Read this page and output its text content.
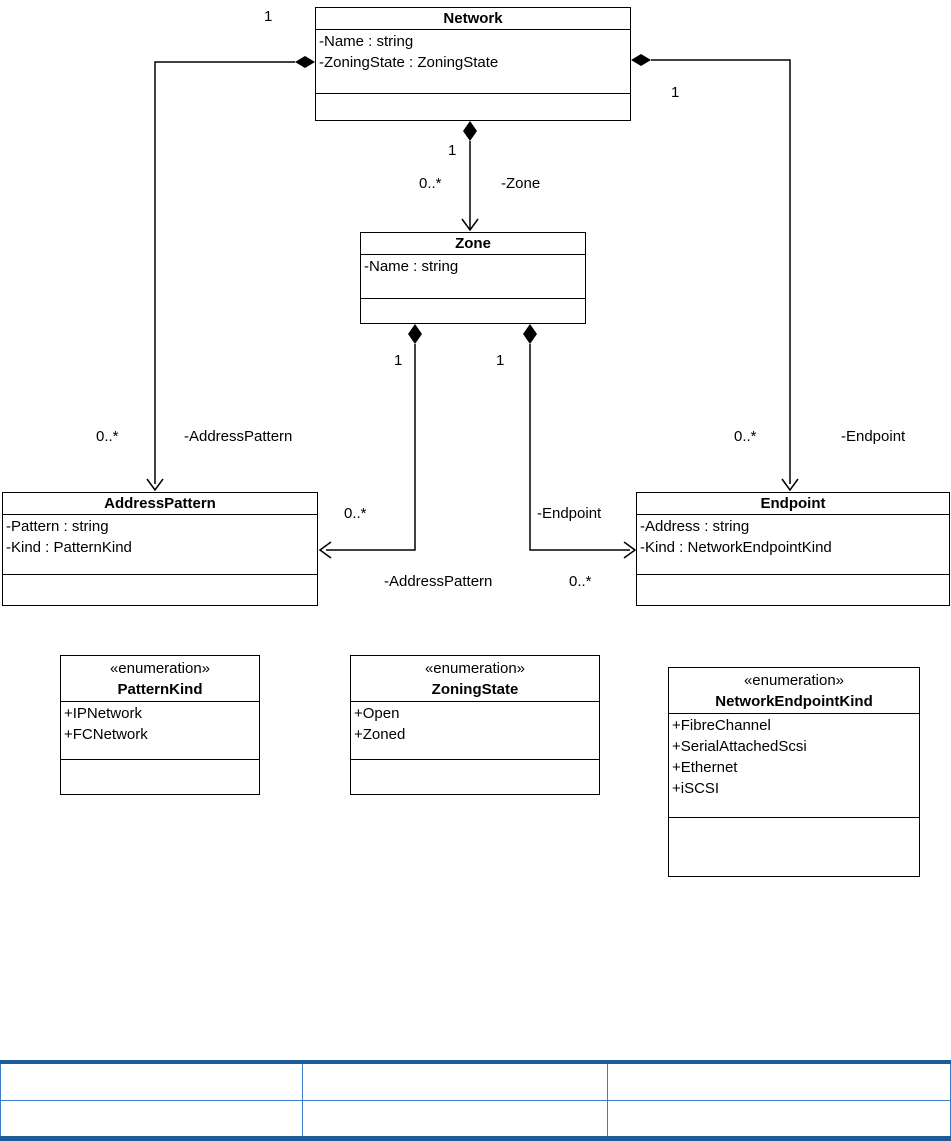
Network
-Name : string
-ZoningState : ZoningState
Zone
-Name : string
AddressPattern
-Pattern : string
-Kind : PatternKind
Endpoint
-Address : string
-Kind : NetworkEndpointKind
«enumeration»
PatternKind
+IPNetwork
+FCNetwork
«enumeration»
ZoningState
+Open
+Zoned
«enumeration»
NetworkEndpointKind
+FibreChannel
+SerialAttachedScsi
+Ethernet
+iSCSI
1
0..*	-Zone
1
0..*	-AddressPattern
1
0..*	-Endpoint
1
0..*
-AddressPattern
1
-Endpoint
0..*
